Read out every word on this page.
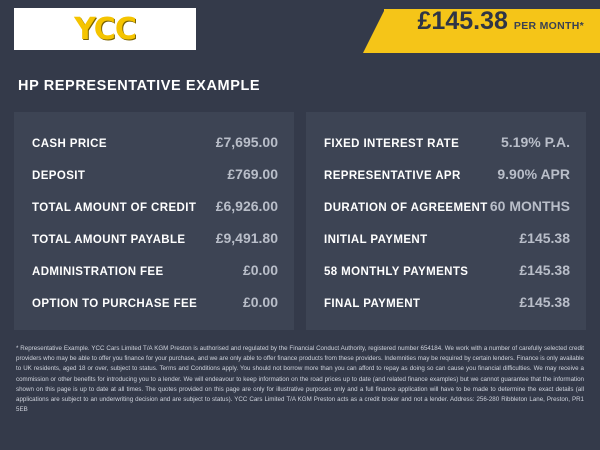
YCC	£145.38 PER MONTH*
HP REPRESENTATIVE EXAMPLE
CASH PRICE	£7,695.00
DEPOSIT	£769.00
TOTAL AMOUNT OF CREDIT £6,926.00
TOTAL AMOUNT PAYABLE £9,491.80
ADMINISTRATION FEE	£0.00
OPTION TO PURCHASE FEE	£0.00
FIXED INTEREST RATE	5.19% P.A.
REPRESENTATIVE APR	9.90% APR
DURATION OF AGREEMENT 60 MONTHS
INITIAL PAYMENT	£145.38
58 MONTHLY PAYMENTS	£145.38
FINAL PAYMENT	£145.38
* Representative Example. YCC Cars Limited T/A KGM Preston is authorised and regulated by the Financial Conduct Authority, registered number 654184. We work with a number of carefully selected credit providers who may be able to offer you finance for your purchase, and we are only able to offer finance products from these providers. Indemnities may be required by certain lenders. Finance is only available to UK residents, aged 18 or over, subject to status. Terms and Conditions apply. You should not borrow more than you can afford to repay as doing so can cause you financial difficulties. We may receive a commission or other benefits for introducing you to a lender. We will endeavour to keep information on the road prices up to date (and related finance examples) but we cannot guarantee that the information shown on this page is up to date at all times. The quotes provided on this page are only for illustrative purposes only and a full finance application will have to be made to determine the exact details (all applications are subject to an underwriting decision and are subject to status). YCC Cars Limited T/A KGM Preston acts as a credit broker and not a lender. Address: 256-280 Ribbleton Lane, Preston, PR1 5EB
